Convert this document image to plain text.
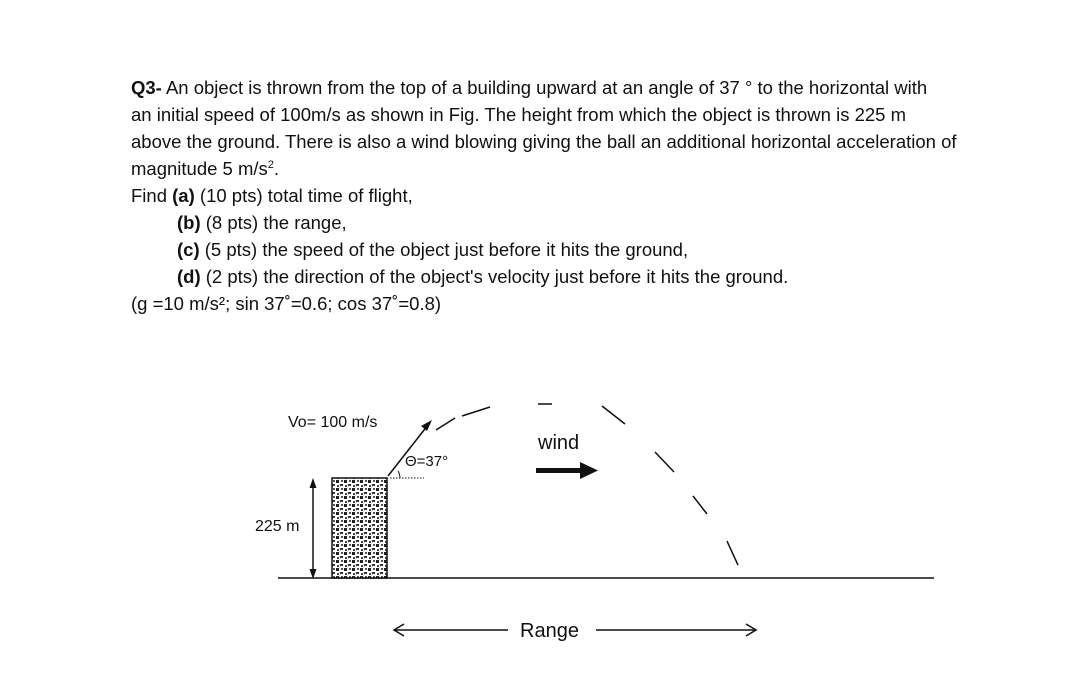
Q3- An object is thrown from the top of a building upward at an angle of 37 ° to the horizontal with
an initial speed of 100m/s as shown in Fig. The height from which the object is thrown is 225 m
above the ground. There is also a wind blowing giving the ball an additional horizontal acceleration of
magnitude 5 $m/s^2$.
Find (a) (10 pts) total time of flight,
(b) (8 pts) the range,
(c) (5 pts) the speed of the object just before it hits the ground,
(d) (2 pts) the direction of the object's velocity just before it hits the ground.
(g =10 m/s²; sin 37˚=0.6; cos 37˚=0.8)
225 m
Vo= 100 m/s
Θ=37°
wind
Range
